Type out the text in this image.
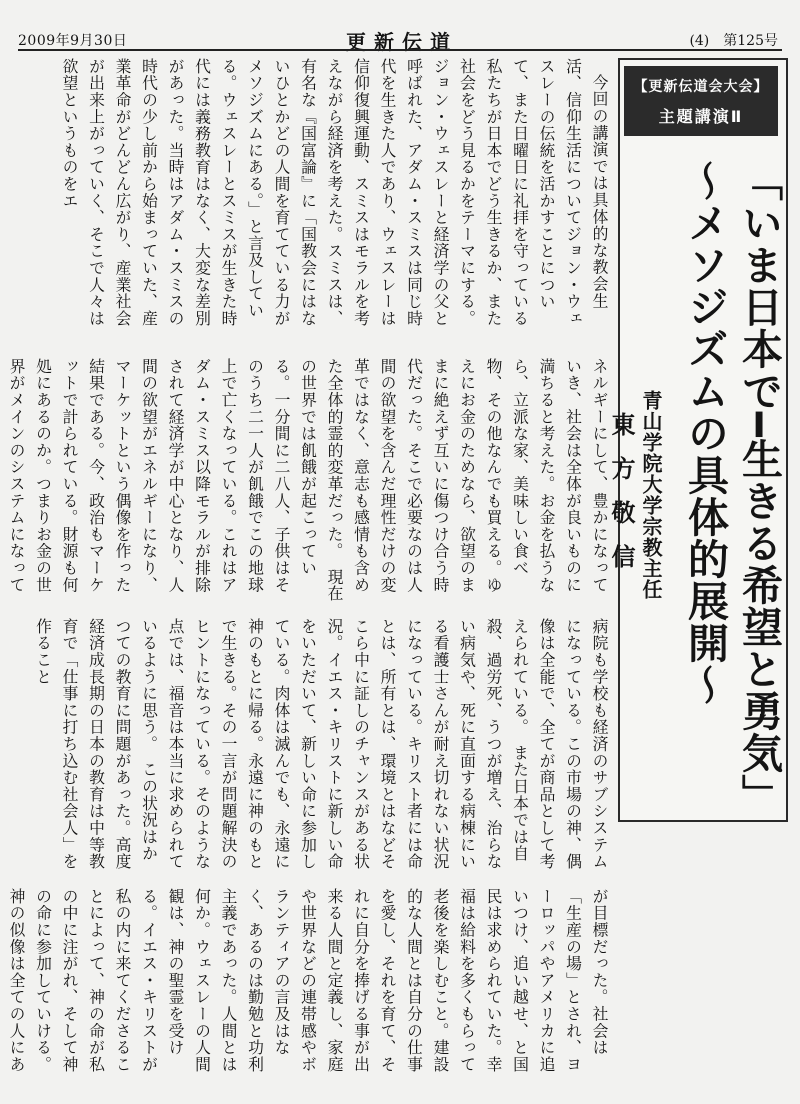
2009年9月30日	更新伝道	(4)　第125号

今回の講演では具体的な教会生活、信仰生活についてジョン・ウェスレーの伝統を活かすことについて、また日曜日に礼拝を守っている私たちが日本でどう生きるか、また社会をどう見るかをテーマにする。ジョン・ウェスレーと経済学の父と呼ばれた、アダム・スミスは同じ時代を生きた人であり、ウェスレーは信仰復興運動、スミスはモラルを考えながら経済を考えた。スミスは、有名な『国富論』に「国教会にはないひとかどの人間を育てている力がメソジズムにある。」と言及している。ウェスレーとスミスが生きた時代には義務教育はなく、大変な差別があった。当時はアダム・スミスの時代の少し前から始まっていた、産業革命がどんどん広がり、産業社会が出来上がっていく、そこで人々は欲望というものをエ

ネルギーにして、豊かになっていき、社会は全体が良いものに満ちると考えた。お金を払うなら、立派な家、美味しい食べ物、その他なんでも買える。ゆえにお金のためなら、欲望のままに絶えず互いに傷つけ合う時代だった。そこで必要なのは人間の欲望を含んだ理性だけの変革ではなく、意志も感情も含めた全体的霊的変革だった。　現在の世界では飢餓が起こっている。一分間に二八人、子供はそのうち二一人が飢餓でこの地球上で亡くなっている。これはアダム・スミス以降モラルが排除されて経済学が中心となり、人間の欲望がエネルギーになり、マーケットという偶像を作った結果である。今、政治もマーケットで計られている。財源も何処にあるのか。つまりお金の世界がメインのシステムになって

病院も学校も経済のサブシステムになっている。この市場の神、偶像は全能で、全てが商品として考えられている。　また日本では自殺、過労死、うつが増え、治らない病気や、死に直面する病棟にいる看護士さんが耐え切れない状況になっている。キリスト者には命とは、所有とは、環境とはなどそこら中に証しのチャンスがある状況。イエス・キリストに新しい命をいただいて、新しい命に参加している。肉体は滅んでも、永遠に神のもとに帰る。永遠に神のもとで生きる。その一言が問題解決のヒントになっている。そのような点では、福音は本当に求められているように思う。　この状況はかつての教育に問題があった。高度経済成長期の日本の教育は中等教育で「仕事に打ち込む社会人」を作ること

が目標だった。社会は「生産の場」とされ、ヨーロッパやアメリカに追いつけ、追い越せ、と国民は求められていた。幸福は給料を多くもらって老後を楽しむこと。建設的な人間とは自分の仕事を愛し、それを育て、それに自分を捧げる事が出来る人間と定義し、家庭や世界などの連帯感やボランティアの言及はなく、あるのは勤勉と功利主義であった。人間とは何か。ウェスレーの人間観は、神の聖霊を受ける。イエス・キリストが私の内に来てくださることによって、神の命が私の中に注がれ、そして神の命に参加していける。神の似像は全ての人にあ

【更新伝道会大会】
主題講演Ⅱ
「いま日本で━生きる希望と勇気」
～メソジズムの具体的展開～
青山学院大学宗教主任
東方敬信
